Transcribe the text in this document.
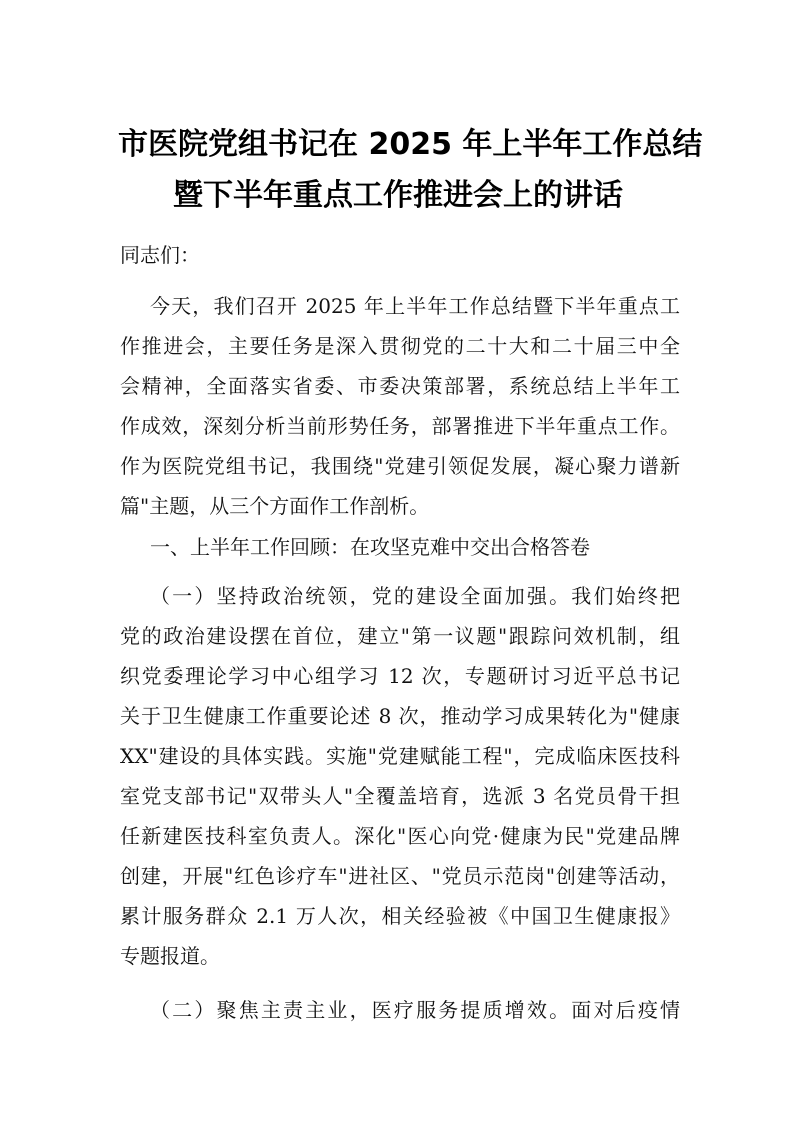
市医院党组书记在 2025 年上半年工作总结
暨下半年重点工作推进会上的讲话
同志们：
今天，我们召开 2025 年上半年工作总结暨下半年重点工
作推进会，主要任务是深入贯彻党的二十大和二十届三中全
会精神，全面落实省委、市委决策部署，系统总结上半年工
作成效，深刻分析当前形势任务，部署推进下半年重点工作。
作为医院党组书记，我围绕"党建引领促发展，凝心聚力谱新
篇"主题，从三个方面作工作剖析。
一、上半年工作回顾：在攻坚克难中交出合格答卷
（一）坚持政治统领，党的建设全面加强。我们始终把
党的政治建设摆在首位，建立"第一议题"跟踪问效机制，组
织党委理论学习中心组学习 12 次，专题研讨习近平总书记
关于卫生健康工作重要论述 8 次，推动学习成果转化为"健康
XX"建设的具体实践。实施"党建赋能工程"，完成临床医技科
室党支部书记"双带头人"全覆盖培育，选派 3 名党员骨干担
任新建医技科室负责人。深化"医心向党·健康为民"党建品牌
创建，开展"红色诊疗车"进社区、"党员示范岗"创建等活动，
累计服务群众 2.1 万人次，相关经验被《中国卫生健康报》
专题报道。
（二）聚焦主责主业，医疗服务提质增效。面对后疫情
